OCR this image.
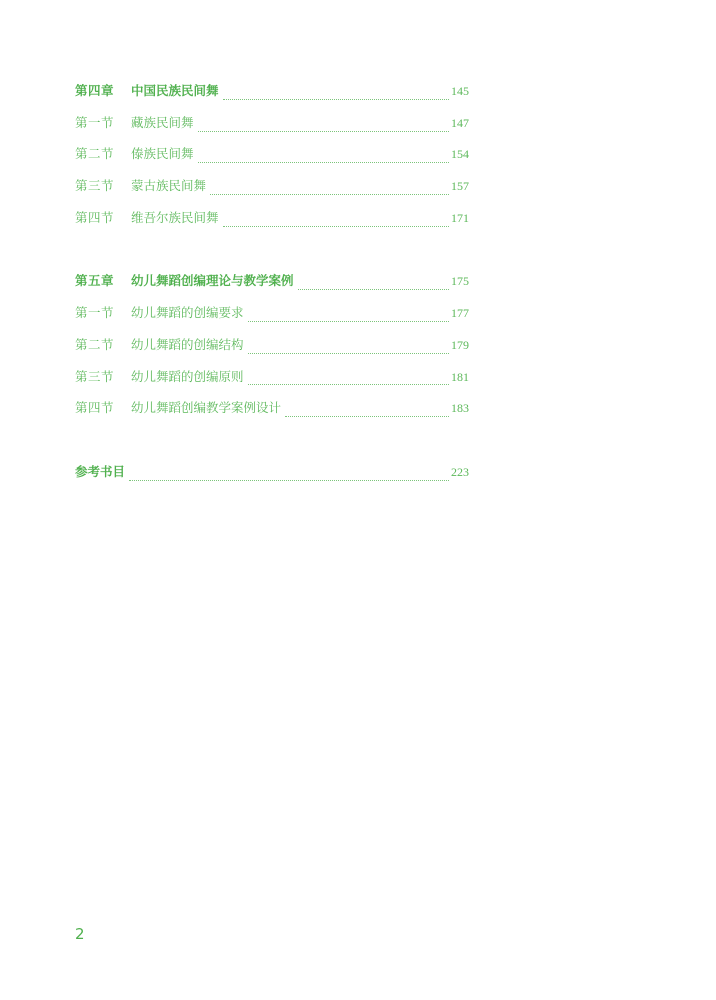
第四章	中国民族民间舞	145
第一节	藏族民间舞	147
第二节	傣族民间舞	154
第三节	蒙古族民间舞	157
第四节	维吾尔族民间舞	171
第五章	幼儿舞蹈创编理论与教学案例	175
第一节	幼儿舞蹈的创编要求	177
第二节	幼儿舞蹈的创编结构	179
第三节	幼儿舞蹈的创编原则	181
第四节	幼儿舞蹈创编教学案例设计	183
参考书目	223
2
